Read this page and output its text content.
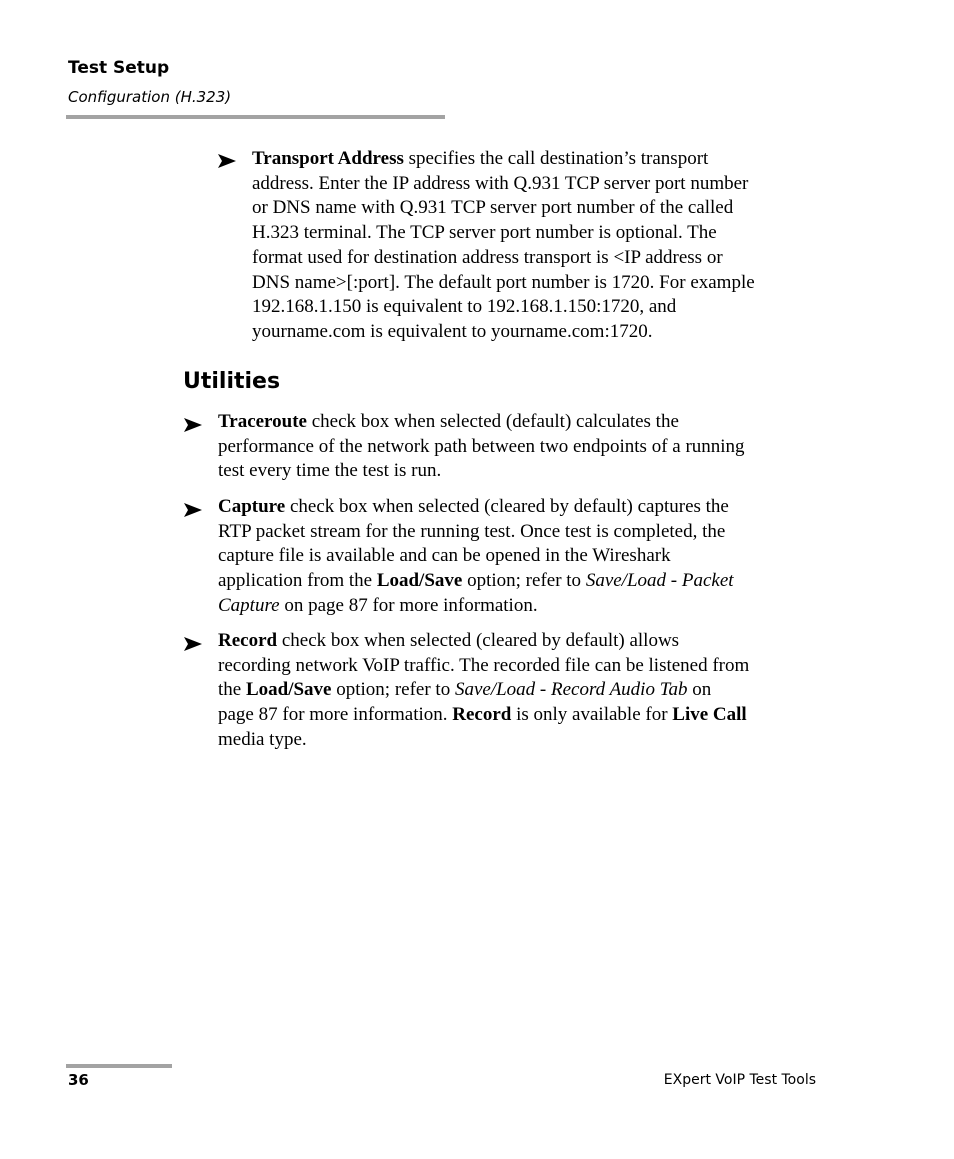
Test Setup
Configuration (H.323)
Transport Address specifies the call destination’s transport
address. Enter the IP address with Q.931 TCP server port number
or DNS name with Q.931 TCP server port number of the called
H.323 terminal. The TCP server port number is optional. The
format used for destination address transport is <IP address or
DNS name>[:port]. The default port number is 1720. For example
192.168.1.150 is equivalent to 192.168.1.150:1720, and
yourname.com is equivalent to yourname.com:1720.
Utilities
Traceroute check box when selected (default) calculates the
performance of the network path between two endpoints of a running
test every time the test is run.
Capture check box when selected (cleared by default) captures the
RTP packet stream for the running test. Once test is completed, the
capture file is available and can be opened in the Wireshark
application from the Load/Save option; refer to Save/Load - Packet
Capture on page 87 for more information.
Record check box when selected (cleared by default) allows
recording network VoIP traffic. The recorded file can be listened from
the Load/Save option; refer to Save/Load - Record Audio Tab on
page 87 for more information. Record is only available for Live Call
media type.
36	EXpert VoIP Test Tools
